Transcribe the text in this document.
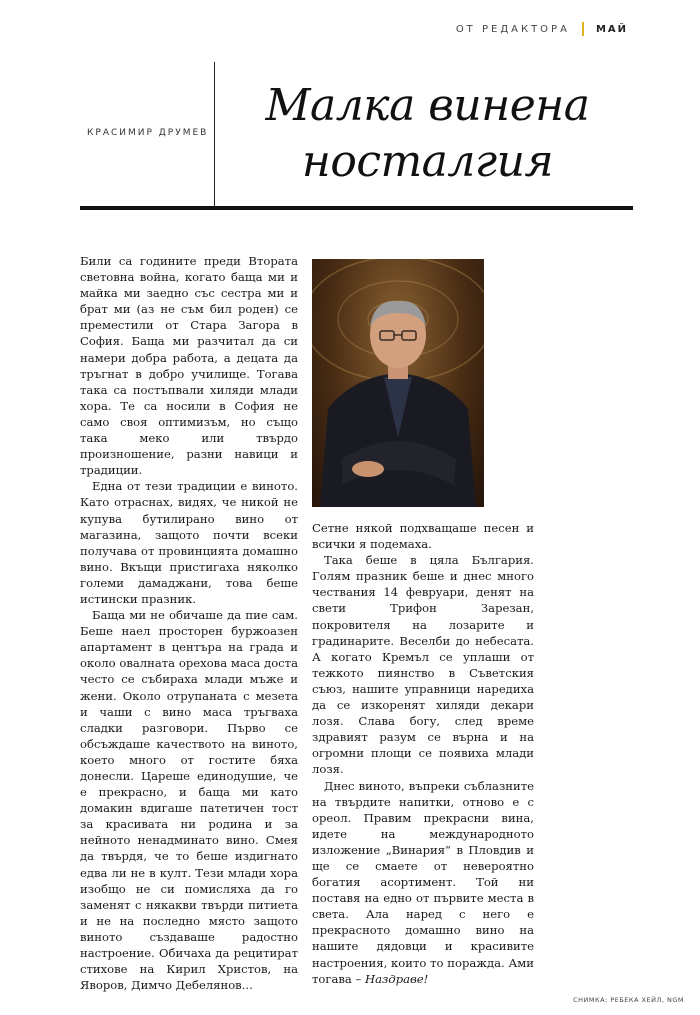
ОТ РЕДАКТОРА	МАЙ
КРАСИМИР ДРУМЕВ
Малка винена
носталгия

Били са годините преди Втората световна война, когато баща ми и майка ми заедно със сестра ми и брат ми (аз не съм бил роден) се преместили от Стара Загора в София. Баща ми разчитал да си намери добра работа, а децата да тръгнат в добро училище. Тогава така са постъпвали хиляди млади хора. Те са носили в София не само своя оптимизъм, но също така меко или твърдо произношение, разни навици и традиции.

Една от тези традиции е виното. Като отраснах, видях, че никой не купува бутилирано вино от магазина, защото почти всеки получава от провинцията домашно вино. Вкъщи пристигаха няколко големи дамаджани, това беше истински празник.

Баща ми не обичаше да пие сам. Беше наел просторен буржоазен апартамент в центъра на града и около овалната орехова маса доста често се събираха млади мъже и жени. Около отрупаната с мезета и чаши с вино маса тръгваха сладки разговори. Първо се обсъждаше качеството на виното, което много от гостите бяха донесли. Цареше единодушие, че е прекрасно, и баща ми като домакин вдигаше патетичен тост за красивата ни родина и за нейното ненадминато вино. Смея да твърдя, че то беше издигнато едва ли не в култ. Тези млади хора изобщо не си помисляха да го заменят с някакви твърди питиета и не на последно място защото виното създаваше радостно настроение. Обичаха да рецитират стихове на Кирил Христов, на Яворов, Димчо Дебелянов...

Сетне някой подхващаше песен и всички я подемаха.

Така беше в цяла България. Голям празник беше и днес много чествания 14 февруари, денят на свети Трифон Зарезан, покровителя на лозарите и градинарите. Веселби до небесата. А когато Кремъл се уплаши от тежкото пиянство в Съветския съюз, нашите управници нарeдиха да се изкоренят хиляди декари лозя. Слава богу, след време здравият разум се върна и на огромни площи се появиха млади лозя.

Днес виното, въпреки съблазните на твърдите напитки, отново е с ореол. Правим прекрасни вина, идете на международното изложение „Винария“ в Пловдив и ще се смаете от невероятно богатия асортимент. Той ни поставя на едно от първите места в света. Ала наред с него е прекрасното домашно вино на нашите дядовци и красивите настроения, които то поражда. Ами тогава – Наздраве!

СНИМКА: РЕБЕКА ХЕЙЛ, NGM
